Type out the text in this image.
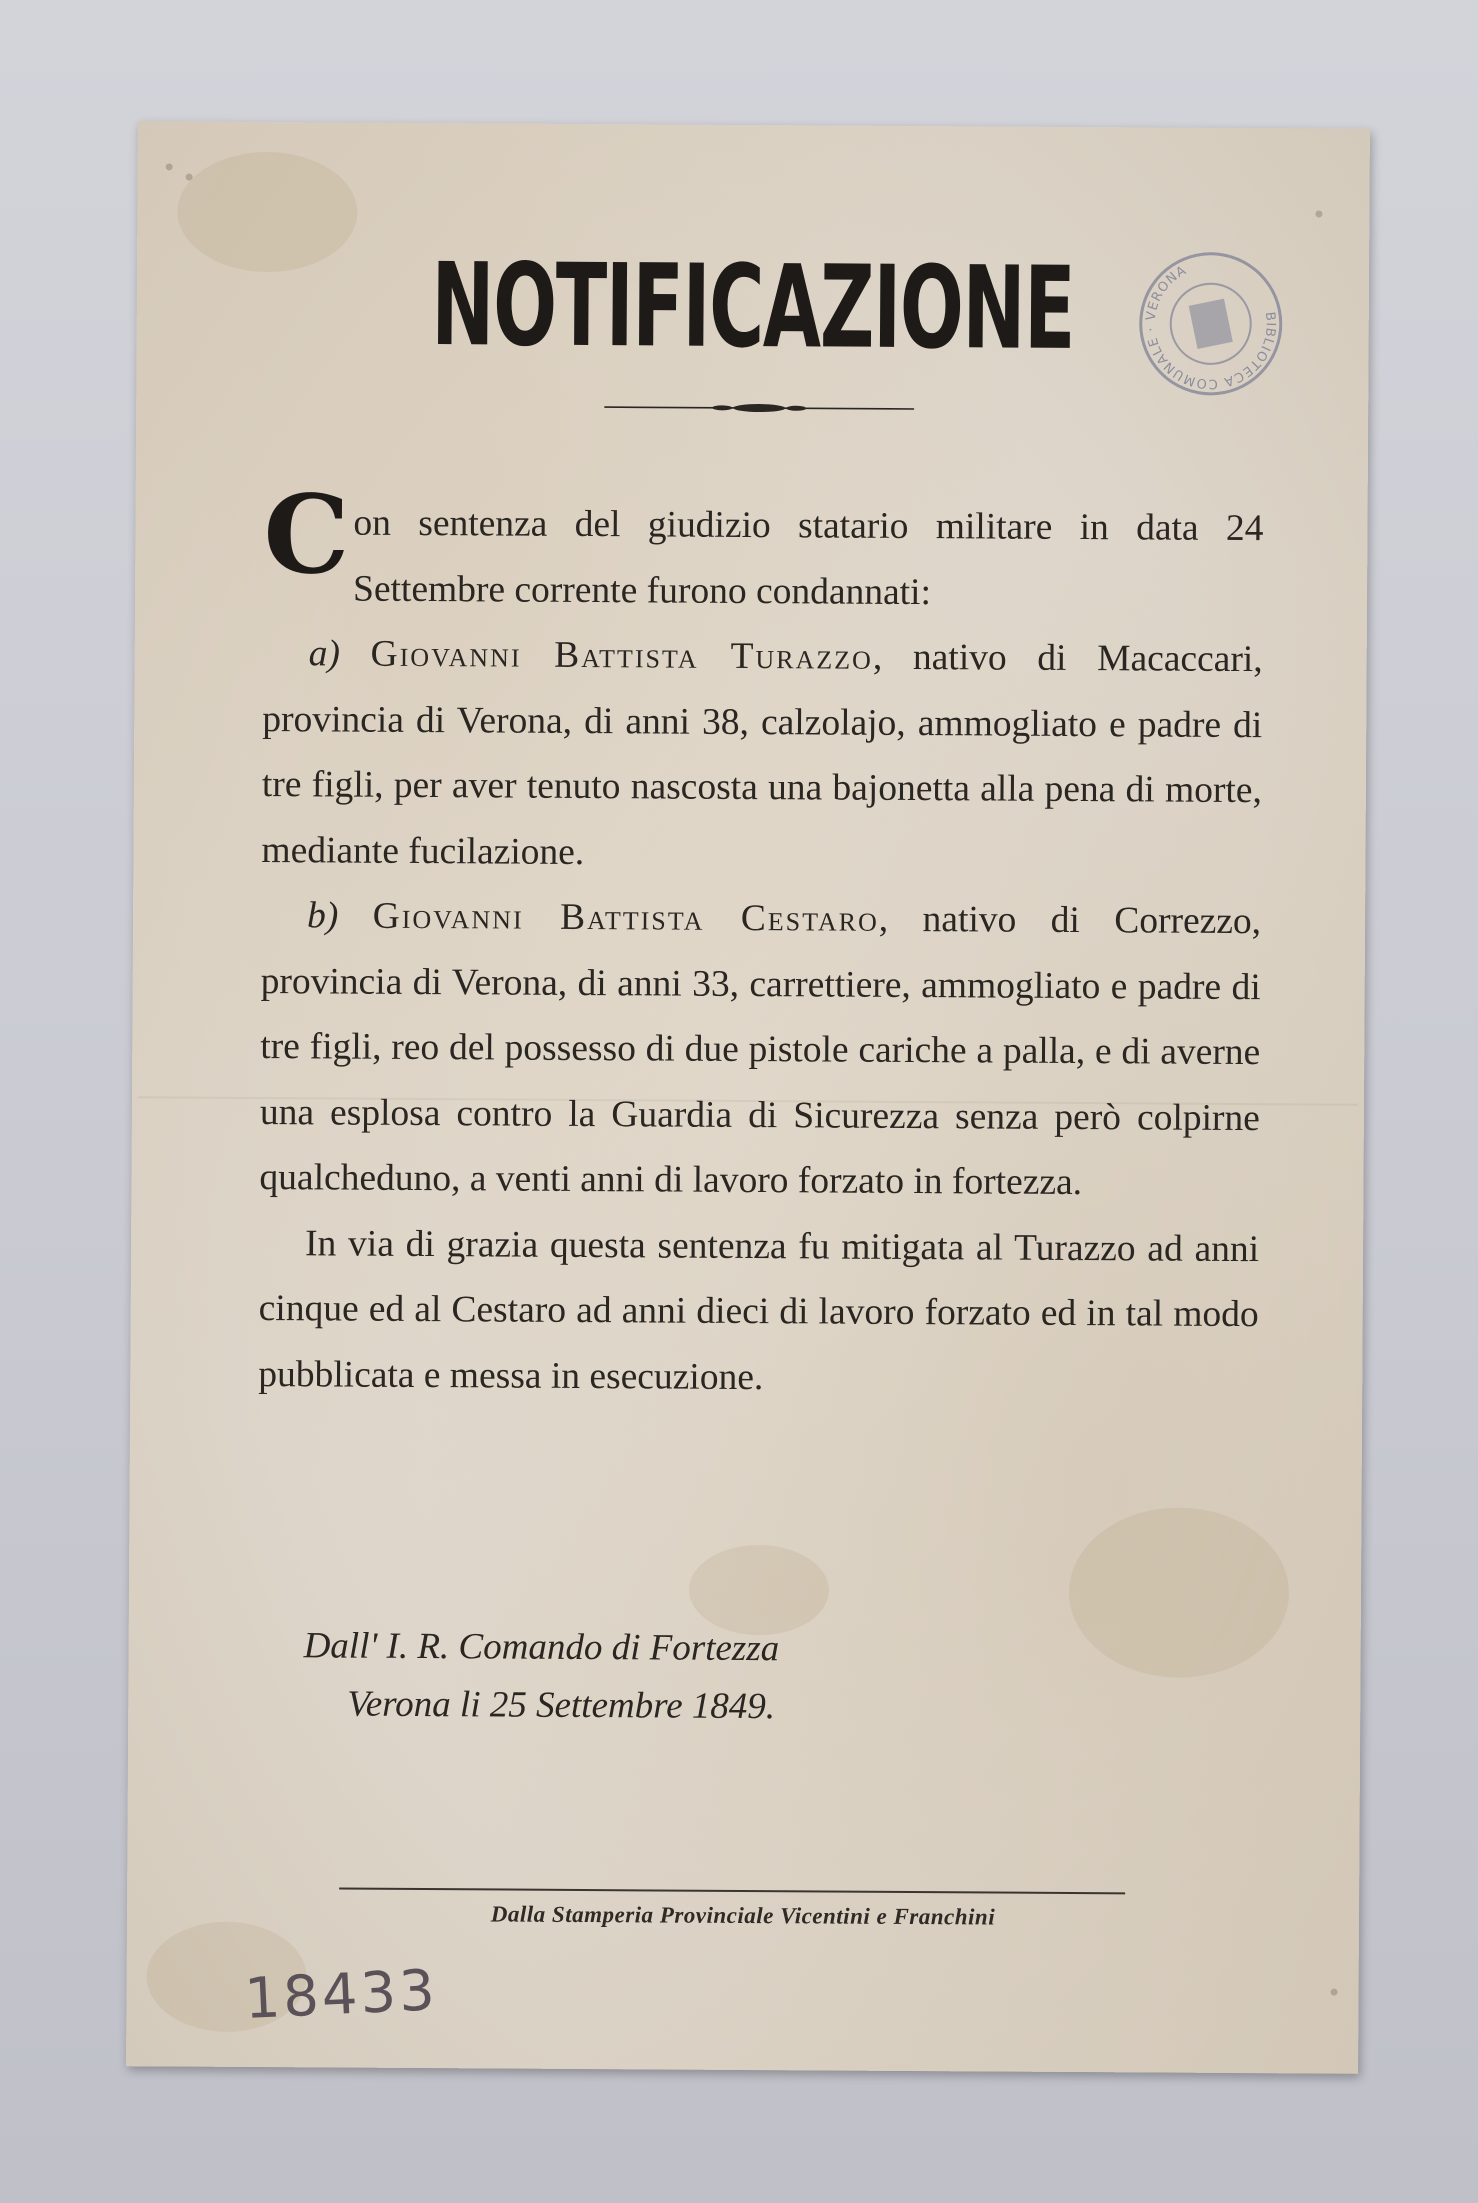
NOTIFICAZIONE	BIBLIOTECA COMUNALE · VERONA

Con sentenza del giudizio statario militare in data 24 Settembre corrente furono condannati:

a) Giovanni Battista Turazzo, nativo di Macaccari, provincia di Verona, di anni 38, calzolajo, ammogliato e padre di tre figli, per aver tenuto nascosta una bajonetta alla pena di morte, mediante fucilazione.

b) Giovanni Battista Cestaro, nativo di Correzzo, provincia di Verona, di anni 33, carrettiere, ammogliato e padre di tre figli, reo del possesso di due pistole cariche a palla, e di averne una esplosa contro la Guardia di Sicurezza senza però colpirne qualcheduno, a venti anni di lavoro forzato in fortezza.

In via di grazia questa sentenza fu mitigata al Turazzo ad anni cinque ed al Cestaro ad anni dieci di lavoro forzato ed in tal modo pubblicata e messa in esecuzione.

Dall' I. R. Comando di Fortezza
Verona li 25 Settembre 1849.
Dalla Stamperia Provinciale Vicentini e Franchini
18433
